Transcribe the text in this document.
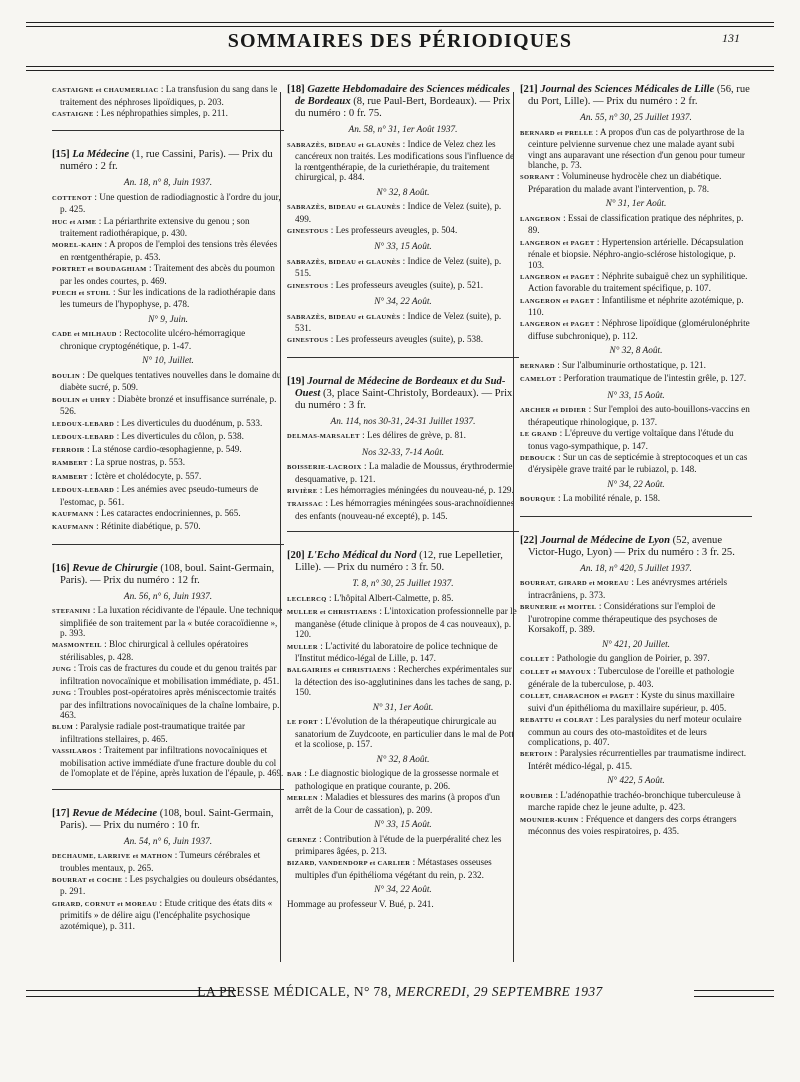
SOMMAIRES DES PÉRIODIQUES	131
CASTAIGNE et CHAUMERLIAC : La transfusion du sang dans le traitement des néphroses lipoïdiques, p. 203.
CASTAIGNE : Les néphropathies simples, p. 211.
[15] La Médecine (1, rue Cassini, Paris). — Prix du numéro : 2 fr.
An. 18, n° 8, Juin 1937.
COTTENOT : Une question de radiodiagnostic à l'ordre du jour, p. 425.
HUC et AIME : La périarthrite extensive du genou ; son traitement radiothérapique, p. 430.
MOREL-KAHN : A propos de l'emploi des tensions très élevées en rœntgenthérapie, p. 453.
PORTRET et BOUDAGHIAM : Traitement des abcès du poumon par les ondes courtes, p. 469.
PUECH et STUHL : Sur les indications de la radiothérapie dans les tumeurs de l'hypophyse, p. 478.
N° 9, Juin.
CADE et MILHAUD : Rectocolite ulcéro-hémorragique chronique cryptogénétique, p. 1-47.
N° 10, Juillet.
BOULIN : De quelques tentatives nouvelles dans le domaine du diabète sucré, p. 509.
BOULIN et UHRY : Diabète bronzé et insuffisance surrénale, p. 526.
LEDOUX-LEBARD : Les diverticules du duodénum, p. 533.
LEDOUX-LEBARD : Les diverticules du côlon, p. 538.
FERROIR : La sténose cardio-œsophagienne, p. 549.
RAMBERT : La sprue nostras, p. 553.
RAMBERT : Ictère et cholédocyte, p. 557.
LEDOUX-LEBARD : Les anémies avec pseudo-tumeurs de l'estomac, p. 561.
KAUFMANN : Les cataractes endocriniennes, p. 565.
KAUFMANN : Rétinite diabétique, p. 570.
[16] Revue de Chirurgie (108, boul. Saint-Germain, Paris). — Prix du numéro : 12 fr.
An. 56, n° 6, Juin 1937.
STEFANINI : La luxation récidivante de l'épaule. Une technique simplifiée de son traitement par la « butée coracoïdienne », p. 393.
MASMONTEIL : Bloc chirurgical à cellules opératoires stérilisables, p. 428.
JUNG : Trois cas de fractures du coude et du genou traités par infiltration novocaïnique et mobilisation immédiate, p. 451.
JUNG : Troubles post-opératoires après méniscectomie traités par des infiltrations novocaïniques de la chaîne lombaire, p. 463.
BLUM : Paralysie radiale post-traumatique traitée par infiltrations stellaires, p. 465.
VASSILAROS : Traitement par infiltrations novocaïniques et mobilisation active immédiate d'une fracture double du col de l'omoplate et de l'épine, après luxation de l'épaule, p. 469.
[17] Revue de Médecine (108, boul. Saint-Germain, Paris). — Prix du numéro : 10 fr.
An. 54, n° 6, Juin 1937.
DECHAUME, LARRIVE et MATHON : Tumeurs cérébrales et troubles mentaux, p. 265.
BOURRAT et COCHE : Les psychalgies ou douleurs obsédantes, p. 291.
GIRARD, CORNUT et MOREAU : Etude critique des états dits « primitifs » de délire aigu (l'encéphalite psychosique azotémique), p. 311.
[18] Gazette Hebdomadaire des Sciences médicales de Bordeaux (8, rue Paul-Bert, Bordeaux). — Prix du numéro : 0 fr. 75.
An. 58, n° 31, 1er Août 1937.
SABRAZÈS, BIDEAU et GLAUNÈS : Indice de Velez chez les cancéreux non traités. Les modifications sous l'influence de la rœntgenthérapie, de la curiethérapie, du traitement chirurgical, p. 484.
N° 32, 8 Août.
SABRAZÈS, BIDEAU et GLAUNÈS : Indice de Velez (suite), p. 499.
GINESTOUS : Les professeurs aveugles, p. 504.
N° 33, 15 Août.
SABRAZÈS, BIDEAU et GLAUNÈS : Indice de Velez (suite), p. 515.
GINESTOUS : Les professeurs aveugles (suite), p. 521.
N° 34, 22 Août.
SABRAZÈS, BIDEAU et GLAUNÈS : Indice de Velez (suite), p. 531.
GINESTOUS : Les professeurs aveugles (suite), p. 538.
[19] Journal de Médecine de Bordeaux et du Sud-Ouest (3, place Saint-Christoly, Bordeaux). — Prix du numéro : 3 fr.
An. 114, nos 30-31, 24-31 Juillet 1937.
DELMAS-MARSALET : Les délires de grève, p. 81.
Nos 32-33, 7-14 Août.
BOISSERIE-LACROIX : La maladie de Moussus, érythrodermie desquamative, p. 121.
RIVIÈRE : Les hémorragies méningées du nouveau-né, p. 129.
TRAISSAC : Les hémorragies méningées sous-arachnoïdiennes des enfants (nouveau-né excepté), p. 145.
[20] L'Echo Médical du Nord (12, rue Lepelletier, Lille). — Prix du numéro : 3 fr. 50.
T. 8, n° 30, 25 Juillet 1937.
LECLERCQ : L'hôpital Albert-Calmette, p. 85.
MULLER et CHRISTIAENS : L'intoxication professionnelle par le manganèse (étude clinique à propos de 4 cas nouveaux), p. 120.
MULLER : L'activité du laboratoire de police technique de l'Institut médico-légal de Lille, p. 147.
BALGAIRIES et CHRISTIAENS : Recherches expérimentales sur la détection des iso-agglutinines dans les taches de sang, p. 150.
N° 31, 1er Août.
LE FORT : L'évolution de la thérapeutique chirurgicale au sanatorium de Zuydcoote, en particulier dans le mal de Pott et la scoliose, p. 157.
N° 32, 8 Août.
BAR : Le diagnostic biologique de la grossesse normale et pathologique en pratique courante, p. 206.
MERLEN : Maladies et blessures des marins (à propos d'un arrêt de la Cour de cassation), p. 209.
N° 33, 15 Août.
GERNEZ : Contribution à l'étude de la puerpéralité chez les primipares âgées, p. 213.
BIZARD, VANDENDORP et CARLIER : Métastases osseuses multiples d'un épithélioma végétant du rein, p. 232.
N° 34, 22 Août.
Hommage au professeur V. Bué, p. 241.
[21] Journal des Sciences Médicales de Lille (56, rue du Port, Lille). — Prix du numéro : 2 fr.
An. 55, n° 30, 25 Juillet 1937.
BERNARD et PRELLE : A propos d'un cas de polyarthrose de la ceinture pelvienne survenue chez une malade ayant subi vingt ans auparavant une résection d'un genou pour tumeur blanche, p. 73.
SORRANT : Volumineuse hydrocèle chez un diabétique. Préparation du malade avant l'intervention, p. 78.
N° 31, 1er Août.
LANGERON : Essai de classification pratique des néphrites, p. 89.
LANGERON et PAGET : Hypertension artérielle. Décapsulation rénale et biopsie. Néphro-angio-sclérose histologique, p. 103.
LANGERON et PAGET : Néphrite subaiguë chez un syphilitique. Action favorable du traitement spécifique, p. 107.
LANGERON et PAGET : Infantilisme et néphrite azotémique, p. 110.
LANGERON et PAGET : Néphrose lipoïdique (glomérulonéphrite diffuse subchronique), p. 112.
N° 32, 8 Août.
BERNARD : Sur l'albuminurie orthostatique, p. 121.
CAMELOT : Perforation traumatique de l'intestin grêle, p. 127.
N° 33, 15 Août.
ARCHER et DIDIER : Sur l'emploi des auto-bouillons-vaccins en thérapeutique rhinologique, p. 137.
LE GRAND : L'épreuve du vertige voltaïque dans l'étude du tonus vago-sympathique, p. 147.
DEBOUCK : Sur un cas de septicémie à streptocoques et un cas d'érysipèle grave traité par le rubiazol, p. 148.
N° 34, 22 Août.
BOURQUE : La mobilité rénale, p. 158.
[22] Journal de Médecine de Lyon (52, avenue Victor-Hugo, Lyon) — Prix du numéro : 3 fr. 25.
An. 18, n° 420, 5 Juillet 1937.
BOURRAT, GIRARD et MOREAU : Les anévrysmes artériels intracrâniens, p. 373.
BRUNERIE et MOITEL : Considérations sur l'emploi de l'urotropine comme thérapeutique des psychoses de Korsakoff, p. 389.
N° 421, 20 Juillet.
COLLET : Pathologie du ganglion de Poirier, p. 397.
COLLET et MAYOUX : Tuberculose de l'oreille et pathologie générale de la tuberculose, p. 403.
COLLET, CHARACHON et PAGET : Kyste du sinus maxillaire suivi d'un épithélioma du maxillaire supérieur, p. 405.
REBATTU et COLRAT : Les paralysies du nerf moteur oculaire commun au cours des oto-mastoïdites et de leurs complications, p. 407.
BERTOIN : Paralysies récurrentielles par traumatisme indirect. Intérêt médico-légal, p. 415.
N° 422, 5 Août.
ROUBIER : L'adénopathie trachéo-bronchique tuberculeuse à marche rapide chez le jeune adulte, p. 423.
MOUNIER-KUHN : Fréquence et dangers des corps étrangers méconnus des voies respiratoires, p. 435.
LA PRESSE MÉDICALE, N° 78, MERCREDI, 29 SEPTEMBRE 1937
